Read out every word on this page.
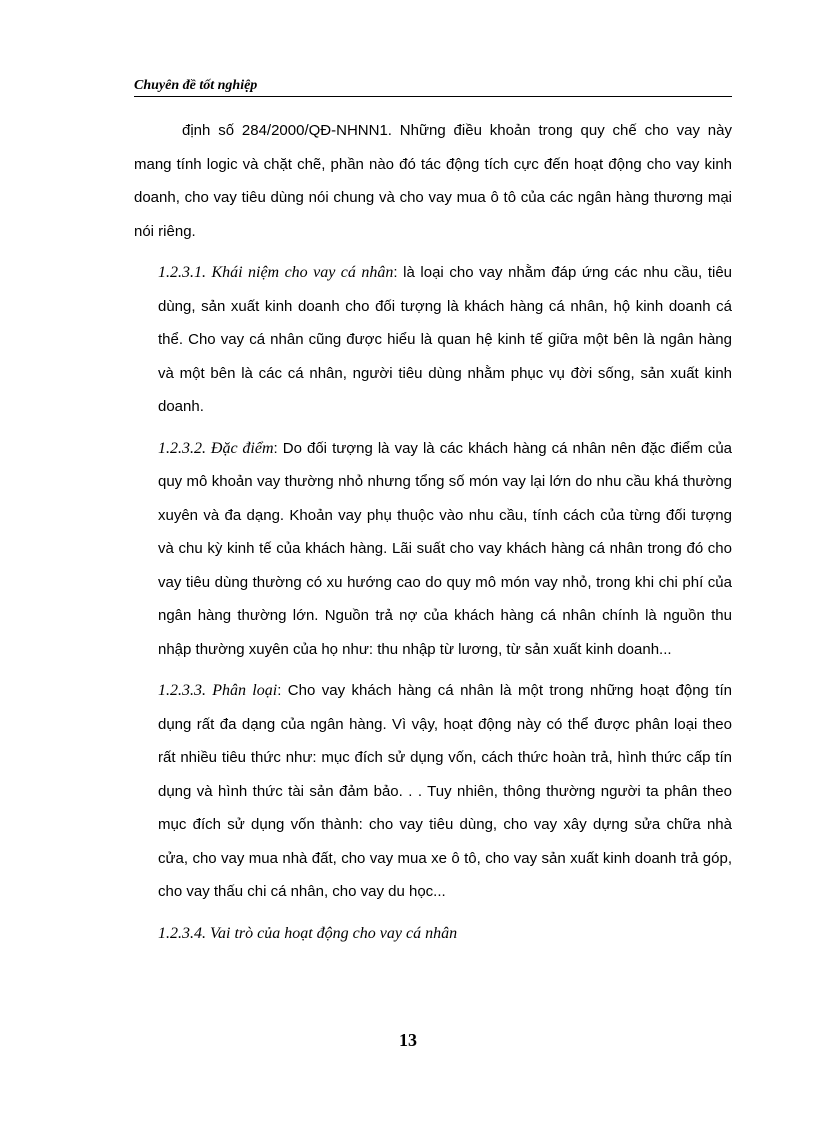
Chuyên đề tốt nghiệp

định số 284/2000/QĐ-NHNN1. Những điều khoản trong quy chế cho vay này mang tính logic và chặt chẽ, phần nào đó tác động tích cực đến hoạt động cho vay kinh doanh, cho vay tiêu dùng nói chung và cho vay mua ô tô của các ngân hàng thương mại nói riêng.

1.2.3.1. Khái niệm cho vay cá nhân: là loại cho vay nhằm đáp ứng các nhu cầu, tiêu dùng, sản xuất kinh doanh cho đối tượng là khách hàng cá nhân, hộ kinh doanh cá thể. Cho vay cá nhân cũng được hiểu là quan hệ kinh tế giữa một bên là ngân hàng và một bên là các cá nhân, người tiêu dùng nhằm phục vụ đời sống, sản xuất kinh doanh.

1.2.3.2. Đặc điểm: Do đối tượng là vay là các khách hàng cá nhân nên đặc điểm của quy mô khoản vay thường nhỏ nhưng tổng số món vay lại lớn do nhu cầu khá thường xuyên và đa dạng. Khoản vay phụ thuộc vào nhu cầu, tính cách của từng đối tượng và chu kỳ kinh tế của khách hàng. Lãi suất cho vay khách hàng cá nhân trong đó cho vay tiêu dùng thường có xu hướng cao do quy mô món vay nhỏ, trong khi chi phí của ngân hàng thường lớn. Nguồn trả nợ của khách hàng cá nhân chính là nguồn thu nhập thường xuyên của họ như: thu nhập từ lương, từ sản xuất kinh doanh...

1.2.3.3. Phân loại: Cho vay khách hàng cá nhân là một trong những hoạt động tín dụng rất đa dạng của ngân hàng. Vì vậy, hoạt động này có thể được phân loại theo rất nhiều tiêu thức như: mục đích sử dụng vốn, cách thức hoàn trả, hình thức cấp tín dụng và hình thức tài sản đảm bảo. . . Tuy nhiên, thông thường người ta phân theo mục đích sử dụng vốn thành: cho vay tiêu dùng, cho vay xây dựng sửa chữa nhà cửa, cho vay mua nhà đất, cho vay mua xe ô tô, cho vay sản xuất kinh doanh trả góp, cho vay thấu chi cá nhân, cho vay du học...

1.2.3.4. Vai trò của hoạt động cho vay cá nhân

13
